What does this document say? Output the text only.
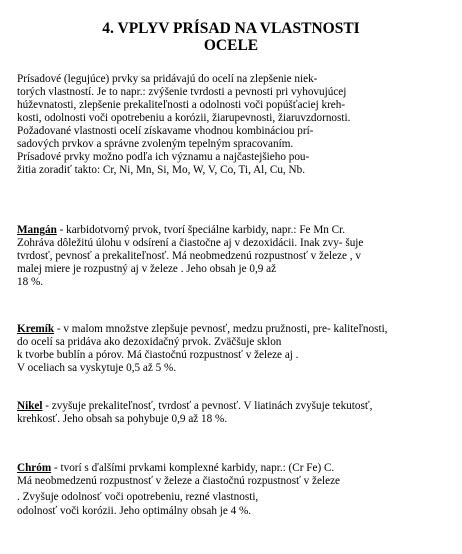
4. VPLYV PRÍSAD NA VLASTNOSTI
OCELE
Prísadové (legujúce) prvky sa pridávajú do ocelí na zlepšenie niek-
torých vlastností. Je to napr.: zvýšenie tvrdosti a pevnosti pri vyhovujúcej
húževnatosti, zlepšenie prekaliteľnosti a odolnosti voči popúšťaciej kreh-
kosti, odolnosti voči opotrebeniu a korózii, žiarupevnosti, žiaruvzdornosti.
Požadované vlastnosti ocelí získavame vhodnou kombináciou prí-
sadových prvkov a správne zvoleným tepelným spracovaním.
Prísadové prvky možno podľa ich významu a najčastejšieho pou-
žitia zoradiť takto: Cr, Ni, Mn, Si, Mo, W, V, Co, Ti, Al, Cu, Nb.
Mangán - karbidotvorný prvok, tvorí špeciálne karbidy, napr.: Fe Mn Cr.
Zohráva dôležitú úlohu v odsírení a čiastočne aj v dezoxidácii. Inak zvy- šuje
tvrdosť, pevnosť a prekaliteľnosť. Má neobmedzenú rozpustnosť v železe , v
malej miere je rozpustný aj v železe . Jeho obsah je 0,9 až
18 %.
Kremík - v malom množstve zlepšuje pevnosť, medzu pružnosti, pre- kaliteľnosti,
do ocelí sa pridáva ako dezoxidačný prvok. Zväčšuje sklon
k tvorbe bublín a pórov. Má čiastočnú rozpustnosť v železe aj .
V oceliach sa vyskytuje 0,5 až 5 %.
Nikel - zvyšuje prekaliteľnosť, tvrdosť a pevnosť. V liatinách zvyšuje tekutosť,
krehkosť. Jeho obsah sa pohybuje 0,9 až 18 %.
Chróm - tvorí s ďalšími prvkami komplexné karbidy, napr.: (Cr Fe) C.
Má neobmedzenú rozpustnosť v železe a čiastočnú rozpustnosť v železe
. Zvyšuje odolnosť voči opotrebeniu, rezné vlastnosti,
odolnosť voči korózii. Jeho optimálny obsah je 4 %.
